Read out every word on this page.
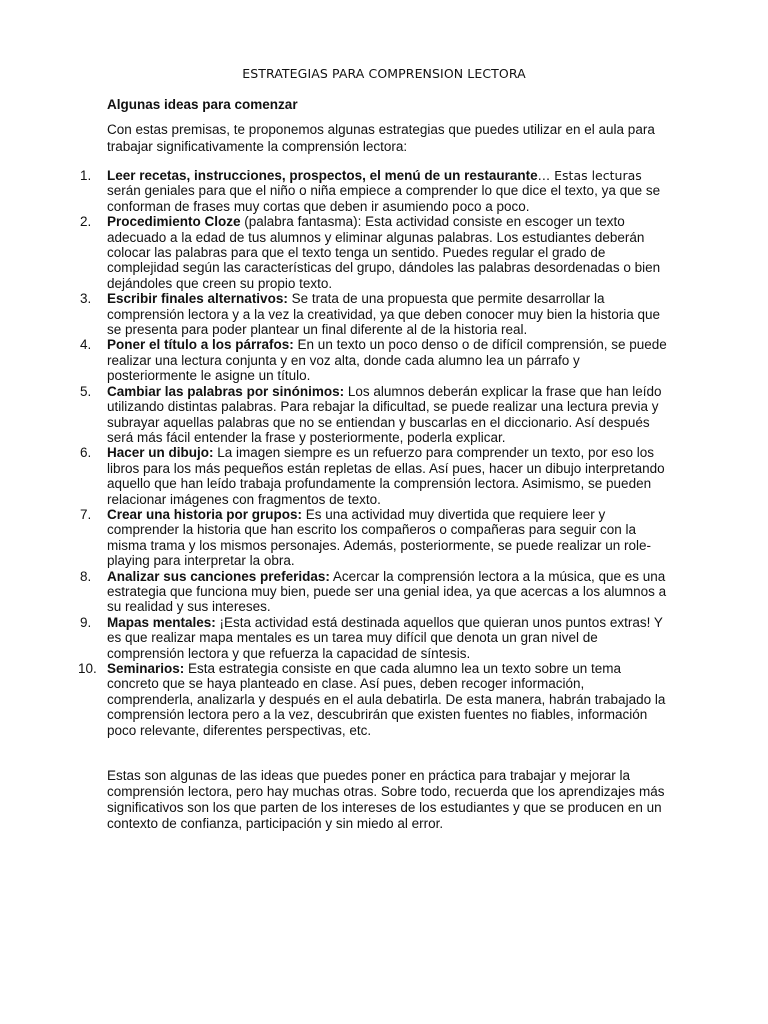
ESTRATEGIAS PARA COMPRENSION LECTORA
Algunas ideas para comenzar
Con estas premisas, te proponemos algunas estrategias que puedes utilizar en el aula para trabajar significativamente la comprensión lectora:
1. Leer recetas, instrucciones, prospectos, el menú de un restaurante… Estas lecturas serán geniales para que el niño o niña empiece a comprender lo que dice el texto, ya que se conforman de frases muy cortas que deben ir asumiendo poco a poco.
2. Procedimiento Cloze (palabra fantasma): Esta actividad consiste en escoger un texto adecuado a la edad de tus alumnos y eliminar algunas palabras. Los estudiantes deberán colocar las palabras para que el texto tenga un sentido. Puedes regular el grado de complejidad según las características del grupo, dándoles las palabras desordenadas o bien dejándoles que creen su propio texto.
3. Escribir finales alternativos: Se trata de una propuesta que permite desarrollar la comprensión lectora y a la vez la creatividad, ya que deben conocer muy bien la historia que se presenta para poder plantear un final diferente al de la historia real.
4. Poner el título a los párrafos: En un texto un poco denso o de difícil comprensión, se puede realizar una lectura conjunta y en voz alta, donde cada alumno lea un párrafo y posteriormente le asigne un título.
5. Cambiar las palabras por sinónimos: Los alumnos deberán explicar la frase que han leído utilizando distintas palabras. Para rebajar la dificultad, se puede realizar una lectura previa y subrayar aquellas palabras que no se entiendan y buscarlas en el diccionario. Así después será más fácil entender la frase y posteriormente, poderla explicar.
6. Hacer un dibujo: La imagen siempre es un refuerzo para comprender un texto, por eso los libros para los más pequeños están repletas de ellas. Así pues, hacer un dibujo interpretando aquello que han leído trabaja profundamente la comprensión lectora. Asimismo, se pueden relacionar imágenes con fragmentos de texto.
7. Crear una historia por grupos: Es una actividad muy divertida que requiere leer y comprender la historia que han escrito los compañeros o compañeras para seguir con la misma trama y los mismos personajes. Además, posteriormente, se puede realizar un role-playing para interpretar la obra.
8. Analizar sus canciones preferidas: Acercar la comprensión lectora a la música, que es una estrategia que funciona muy bien, puede ser una genial idea, ya que acercas a los alumnos a su realidad y sus intereses.
9. Mapas mentales: ¡Esta actividad está destinada aquellos que quieran unos puntos extras! Y es que realizar mapa mentales es un tarea muy difícil que denota un gran nivel de comprensión lectora y que refuerza la capacidad de síntesis.
10. Seminarios: Esta estrategia consiste en que cada alumno lea un texto sobre un tema concreto que se haya planteado en clase. Así pues, deben recoger información, comprenderla, analizarla y después en el aula debatirla. De esta manera, habrán trabajado la comprensión lectora pero a la vez, descubrirán que existen fuentes no fiables, información poco relevante, diferentes perspectivas, etc.
Estas son algunas de las ideas que puedes poner en práctica para trabajar y mejorar la comprensión lectora, pero hay muchas otras. Sobre todo, recuerda que los aprendizajes más significativos son los que parten de los intereses de los estudiantes y que se producen en un contexto de confianza, participación y sin miedo al error.
